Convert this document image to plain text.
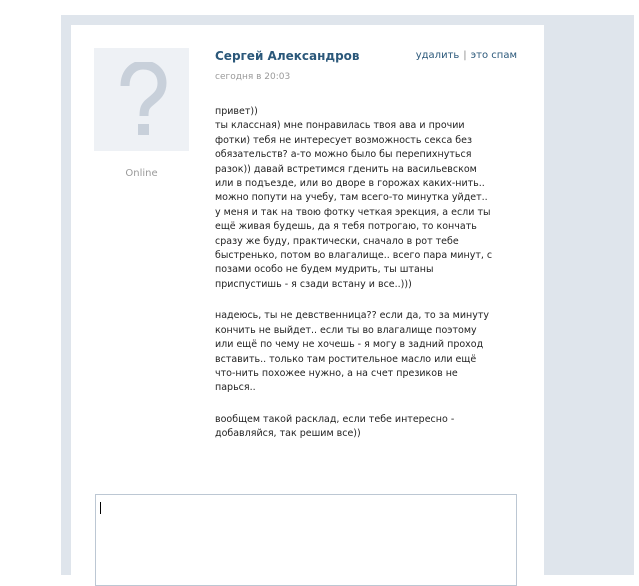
Online
Сергей Александров
сегодня в 20:03
удалить | это спам
привет))
ты классная) мне понравилась твоя ава и прочии
фотки) тебя не интересует возможность секса без
обязательств? а-то можно было бы перепихнуться
разок)) давай встретимся гденить на васильевском
или в подъезде, или во дворе в горожах каких-нить..
можно попути на учебу, там всего-то минутка уйдет..
у меня и так на твою фотку четкая эрекция, а если ты
ещё живая будешь, да я тебя потрогаю, то кончать
сразу же буду, практически, сначало в рот тебе
быстренько, потом во влагалище.. всего пара минут, с
позами особо не будем мудрить, ты штаны
приспустишь - я сзади встану и все..)))
надеюсь, ты не девственница?? если да, то за минуту
кончить не выйдет.. если ты во влагалище поэтому
или ещё по чему не хочешь - я могу в задний проход
вставить.. только там ростительное масло или ещё
что-нить похожее нужно, а на счет презиков не
парься..
вообщем такой расклад, если тебе интересно -
добавляйся, так решим все))
